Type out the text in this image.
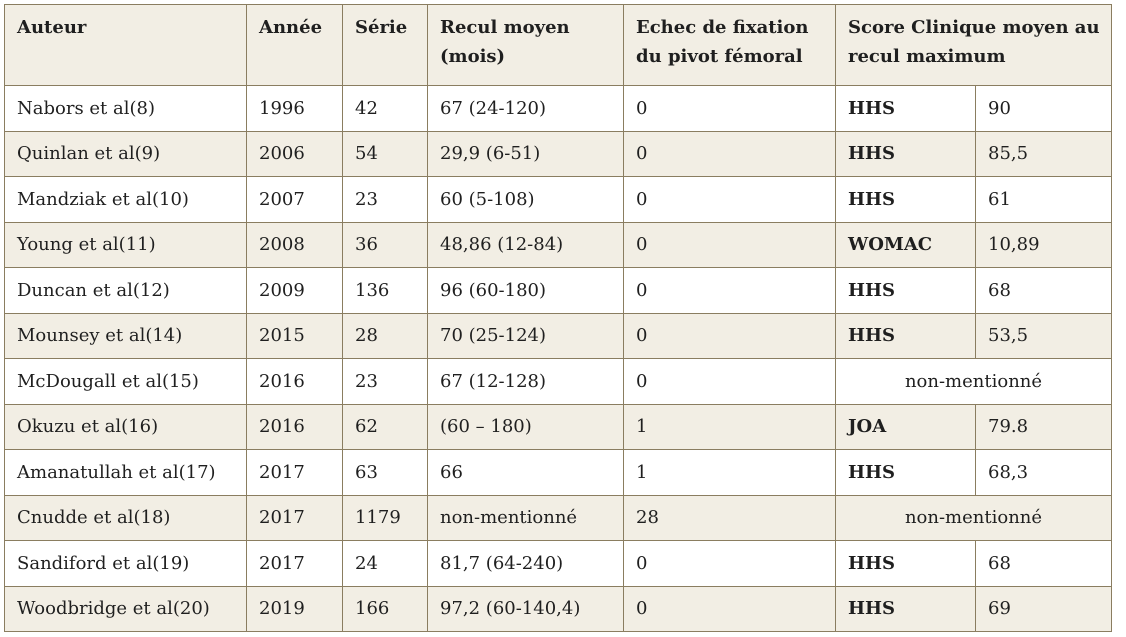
Auteur	Année	Série	Recul moyen (mois)	Echec de fixation du pivot fémoral	Score Clinique moyen au recul maximum	
Nabors et al(8)	1996	42	67 (24-120)	0	HHS	90
Quinlan et al(9)	2006	54	29,9 (6-51)	0	HHS	85,5
Mandziak et al(10)	2007	23	60 (5-108)	0	HHS	61
Young et al(11)	2008	36	48,86 (12-84)	0	WOMAC	10,89
Duncan et al(12)	2009	136	96 (60-180)	0	HHS	68
Mounsey et al(14)	2015	28	70 (25-124)	0	HHS	53,5
McDougall et al(15)	2016	23	67 (12-128)	0	non-mentionné	
Okuzu et al(16)	2016	62	(60 – 180)	1	JOA	79.8
Amanatullah et al(17)	2017	63	66	1	HHS	68,3
Cnudde et al(18)	2017	1179	non-mentionné	28	non-mentionné	
Sandiford et al(19)	2017	24	81,7 (64-240)	0	HHS	68
Woodbridge et al(20)	2019	166	97,2 (60-140,4)	0	HHS	69
